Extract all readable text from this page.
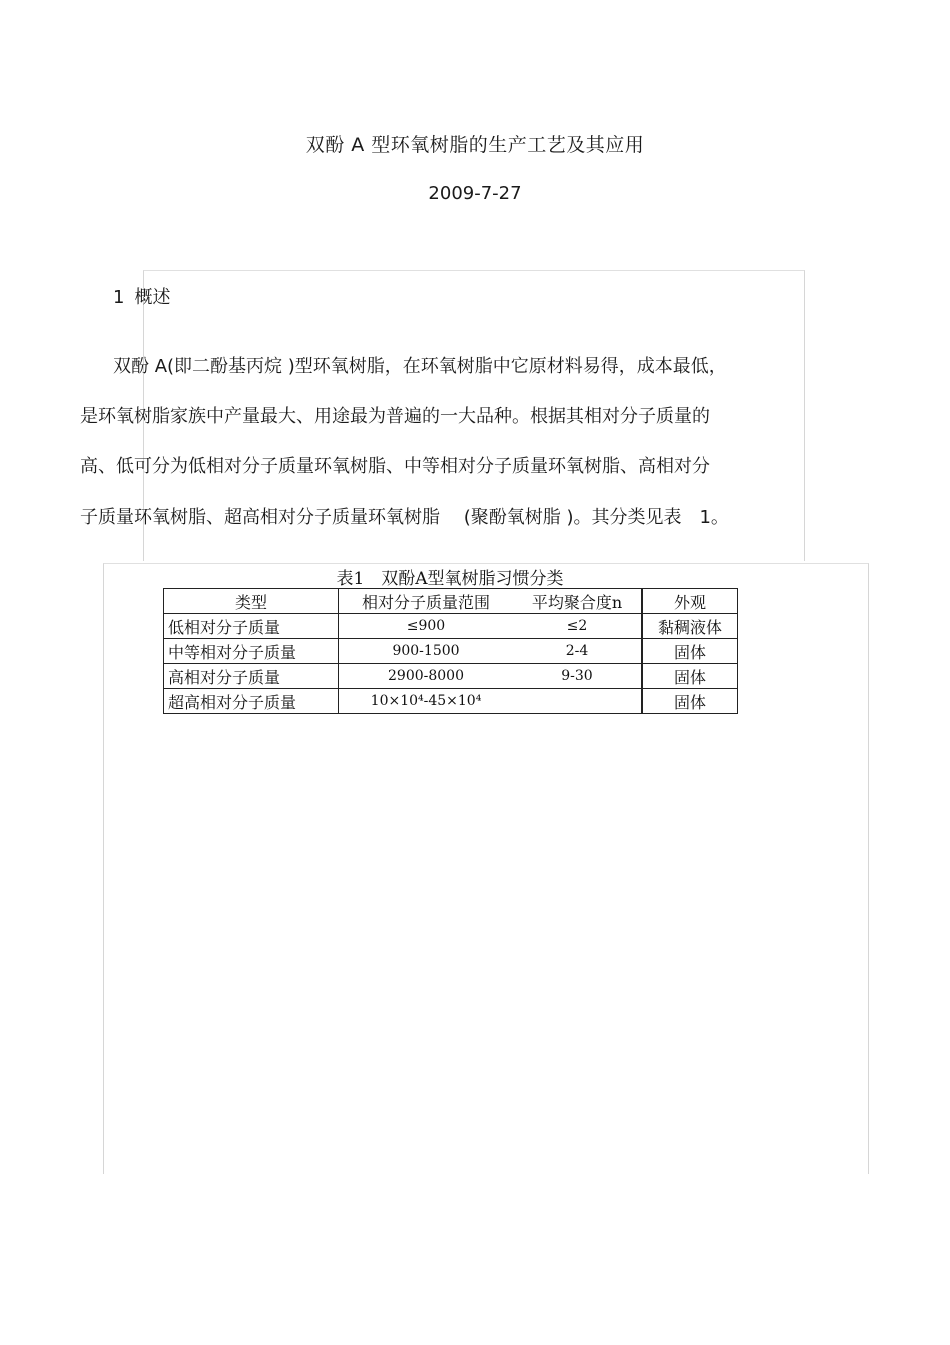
双酚 A 型环氧树脂的生产工艺及其应用
2009-7-27
1 概述
双酚 A(即二酚基丙烷 )型环氧树脂，在环氧树脂中它原材料易得，成本最低，
是环氧树脂家族中产量最大、用途最为普遍的一大品种。根据其相对分子质量的
高、低可分为低相对分子质量环氧树脂、中等相对分子质量环氧树脂、高相对分
子质量环氧树脂、超高相对分子质量环氧树脂　 (聚酚氧树脂 )。其分类见表　1。
表1　双酚A型氧树脂习惯分类
类型	相对分子质量范围	平均聚合度n	外观
低相对分子质量	≤900	≤2	黏稠液体
中等相对分子质量	900-1500	2-4	固体
高相对分子质量	2900-8000	9-30	固体
超高相对分子质量	10×10⁴-45×10⁴		固体
